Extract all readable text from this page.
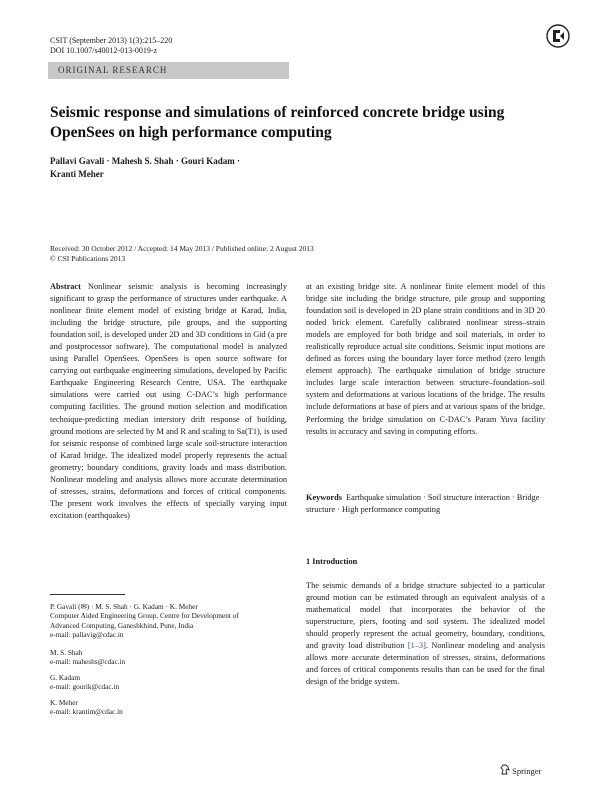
CSIT (September 2013) 1(3):215–220
DOI 10.1007/s40012-013-0019-z
ORIGINAL RESEARCH
Seismic response and simulations of reinforced concrete bridge using OpenSees on high performance computing
Pallavi Gavali · Mahesh S. Shah · Gouri Kadam ·
Kranti Meher
Received: 30 October 2012 / Accepted: 14 May 2013 / Published online: 2 August 2013
© CSI Publications 2013
Abstract Nonlinear seismic analysis is becoming increasingly significant to grasp the performance of structures under earthquake. A nonlinear finite element model of existing bridge at Karad, India, including the bridge structure, pile groups, and the supporting foundation soil, is developed under 2D and 3D conditions in Gid (a pre and postprocessor software). The computational model is analyzed using Parallel OpenSees. OpenSees is open source software for carrying out earthquake engineering simulations, developed by Pacific Earthquake Engineering Research Centre, USA. The earthquake simulations were carried out using C-DAC’s high performance computing facilities. The ground motion selection and modification technique-predicting median interstory drift response of building, ground motions are selected by M and R and scaling to Sa(T1), is used for seismic response of combined large scale soil-structure interaction of Karad bridge. The idealized model properly represents the actual geometry; boundary conditions, gravity loads and mass distribution. Nonlinear modeling and analysis allows more accurate determination of stresses, strains, deformations and forces of critical components. The present work involves the effects of specially varying input excitation (earthquakes)
at an existing bridge site. A nonlinear finite element model of this bridge site including the bridge structure, pile group and supporting foundation soil is developed in 2D plane strain conditions and in 3D 20 noded brick element. Carefully calibrated nonlinear stress–strain models are employed for both bridge and soil materials, in order to realistically reproduce actual site conditions. Seismic input motions are defined as forces using the boundary layer force method (zero length element approach). The earthquake simulation of bridge structure includes large scale interaction between structure–foundation–soil system and deformations at various locations of the bridge. The results include deformations at base of piers and at various spans of the bridge. Performing the bridge simulation on C-DAC’s Param Yuva facility results in accuracy and saving in computing efforts.
Keywords Earthquake simulation · Soil structure interaction · Bridge structure · High performance computing
1 Introduction
The seismic demands of a bridge structure subjected to a particular ground motion can be estimated through an equivalent analysis of a mathematical model that incorporates the behavior of the superstructure, piers, footing and soil system. The idealized model should properly represent the actual geometry, boundary, conditions, and gravity load distribution [1–3]. Nonlinear modeling and analysis allows more accurate determination of stresses, strains, deformations and forces of critical components results than can be used for the final design of the bridge system.
P. Gavali (✉) · M. S. Shah · G. Kadam · K. Meher
Computer Aided Engineering Group, Centre for Development of
Advanced Computing, Ganeshkhind, Pune, India
e-mail: pallavig@cdac.in
M. S. Shah
e-mail: maheshs@cdac.in
G. Kadam
e-mail: gourik@cdac.in
K. Meher
e-mail: krantim@cdac.in
Springer
